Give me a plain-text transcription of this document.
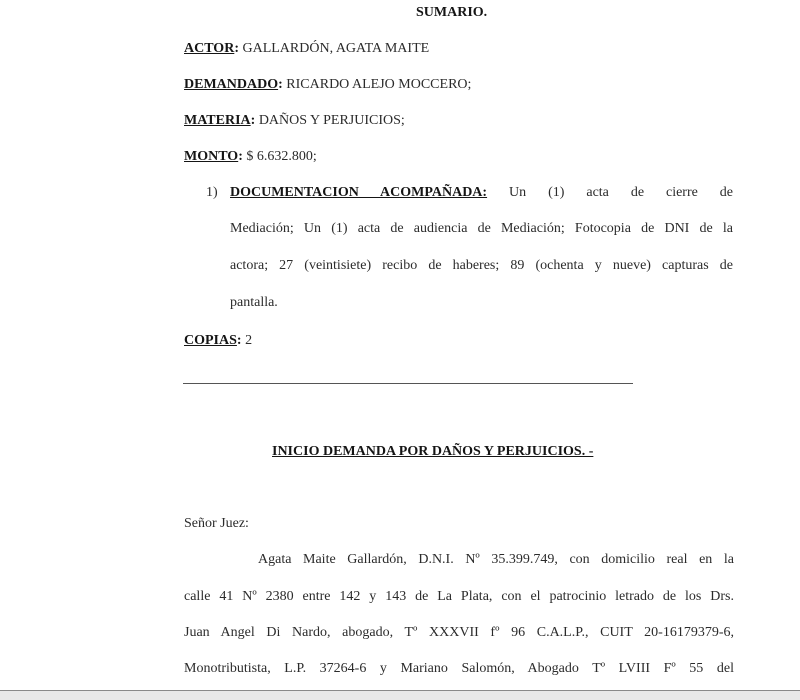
SUMARIO.
ACTOR: GALLARDÓN, AGATA MAITE
DEMANDADO: RICARDO ALEJO MOCCERO;
MATERIA: DAÑOS Y PERJUICIOS;
MONTO: $ 6.632.800;
1) DOCUMENTACION ACOMPAÑADA: Un (1) acta de cierre de
Mediación; Un (1) acta de audiencia de Mediación; Fotocopia de DNI de la
actora; 27 (veintisiete) recibo de haberes; 89 (ochenta y nueve) capturas de
pantalla.
COPIAS: 2
INICIO DEMANDA POR DAÑOS Y PERJUICIOS. -
Señor Juez:
Agata Maite Gallardón, D.N.I. Nº 35.399.749, con domicilio real en la
calle 41 Nº 2380 entre 142 y 143 de La Plata, con el patrocinio letrado de los Drs.
Juan Angel Di Nardo, abogado, Tº XXXVII fº 96 C.A.L.P., CUIT 20-16179379-6,
Monotributista, L.P. 37264-6 y Mariano Salomón, Abogado Tº LVIII Fº 55 del
